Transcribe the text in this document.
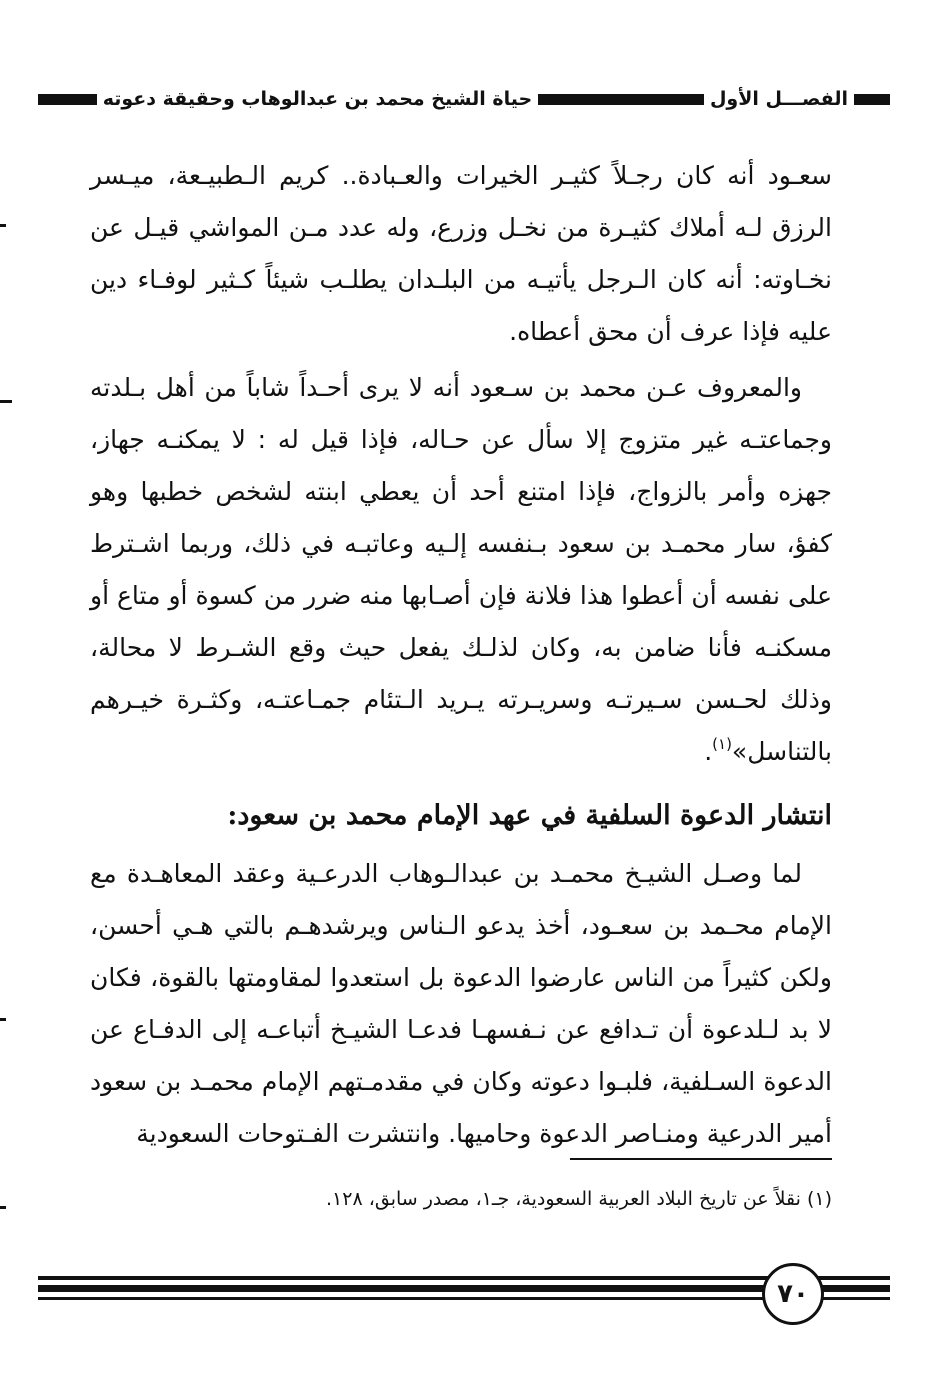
الفصـــل الأول
حياة الشيخ محمد بن عبدالوهاب وحقيقة دعوته

سعـود أنه كان رجـلاً كثيـر الخيرات والعـبادة.. كريم الـطبيـعة، ميـسر الرزق لـه أملاك كثيـرة من نخـل وزرع، وله عدد مـن المواشي قيـل عن نخـاوته: أنه كان الـرجل يأتيـه من البلـدان يطلـب شيئاً كـثير لوفـاء دين عليه فإذا عرف أن محق أعطاه.

والمعروف عـن محمد بن سـعود أنه لا يرى أحـداً شاباً من أهل بـلدته وجماعتـه غير متزوج إلا سأل عن حـاله، فإذا قيل له : لا يمكنـه جهاز، جهزه وأمر بالزواج، فإذا امتنع أحد أن يعطي ابنته لشخص خطبها وهو كفؤ، سار محمـد بن سعود بـنفسه إلـيه وعاتبـه في ذلك، وربما اشـترط على نفسه أن أعطوا هذا فلانة فإن أصـابها منه ضرر من كسوة أو متاع أو مسكنـه فأنا ضامن به، وكان لذلـك يفعل حيث وقع الشـرط لا محالة، وذلك لحـسن سـيرتـه وسريـرته يـريد الـتئام جمـاعتـه، وكثـرة خيـرهم بالتناسل»$^{(١)}$.

انتشار الدعوة السلفية في عهد الإمام محمد بن سعود:

لما وصـل الشيـخ محمـد بن عبدالـوهاب الدرعـية وعقد المعاهـدة مع الإمام محـمد بن سعـود، أخذ يدعو الـناس ويرشدهـم بالتي هـي أحسن، ولكن كثيراً من الناس عارضوا الدعوة بل استعدوا لمقاومتها بالقوة، فكان لا بد لـلدعوة أن تـدافع عن نـفسهـا فدعـا الشيـخ أتباعـه إلى الدفـاع عن الدعوة السـلفية، فلبـوا دعوته وكان في مقدمـتهم الإمام محمـد بن سعود أمير الدرعية ومنـاصر الدعوة وحاميها. وانتشرت الفـتوحات السعودية

(١) نقلاً عن تاريخ البلاد العربية السعودية، جـ١، مصدر سابق، ١٢٨.
٧٠
